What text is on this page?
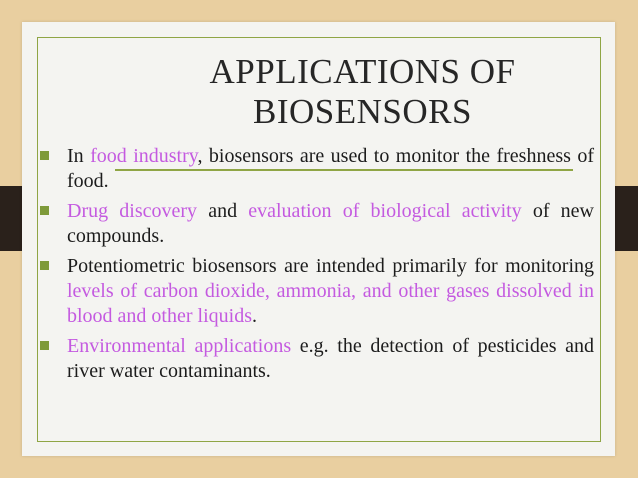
APPLICATIONS OF
BIOSENSORS
In food industry, biosensors are used to monitor the freshness of food.
Drug discovery and evaluation of biological activity of new compounds.
Potentiometric biosensors are intended primarily for monitoring levels of carbon dioxide, ammonia, and other gases dissolved in blood and other liquids.
Environmental applications e.g. the detection of pesticides and river water contaminants.
